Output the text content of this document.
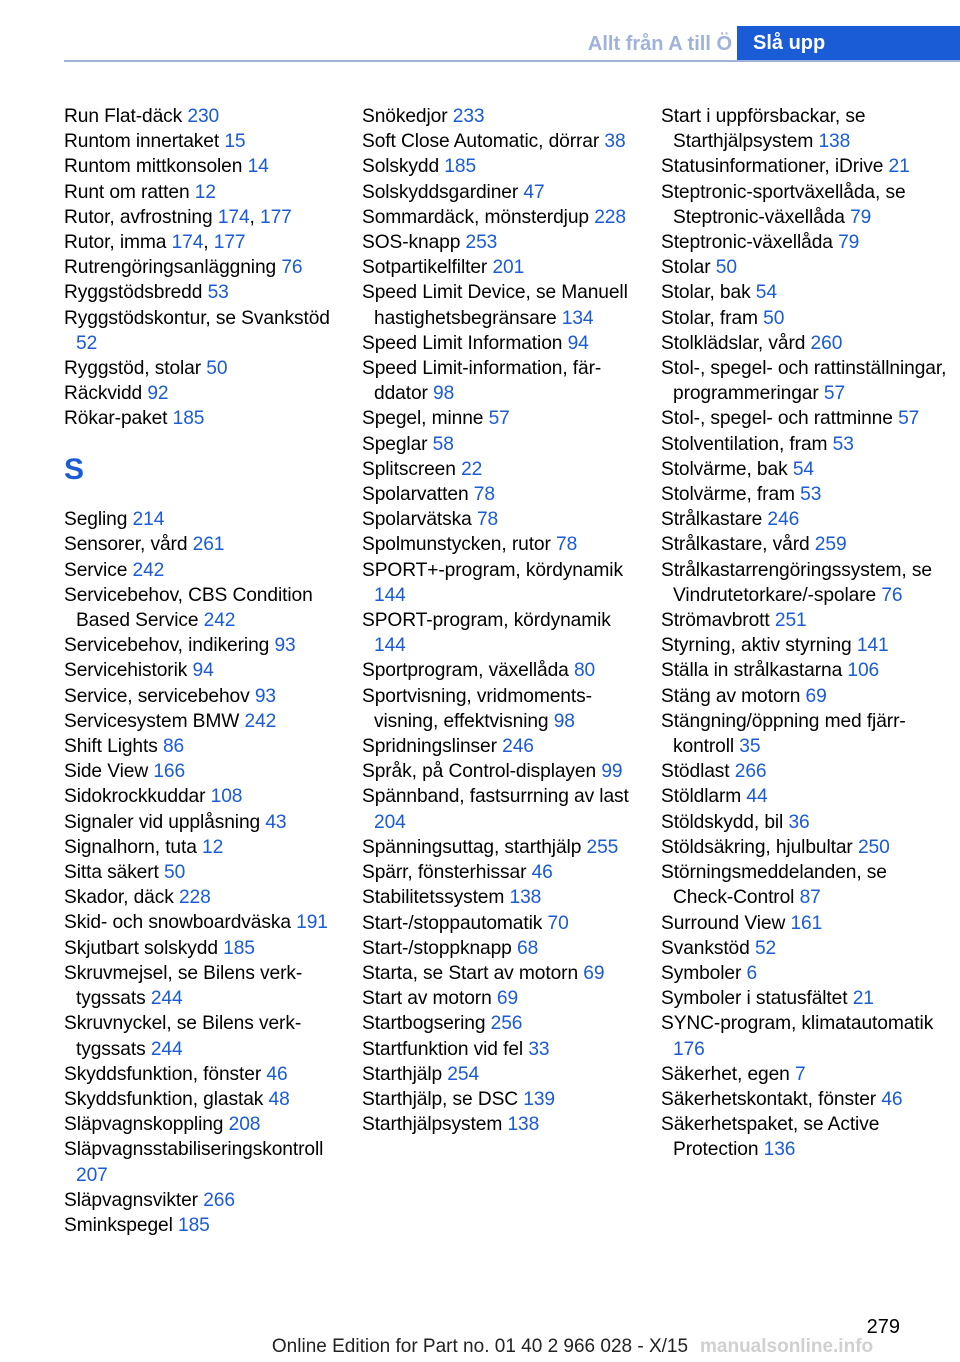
Allt från A till Ö	Slå upp
Run Flat-däck 230
Runtom innertaket 15
Runtom mittkonsolen 14
Runt om ratten 12
Rutor, avfrostning 174, 177
Rutor, imma 174, 177
Rutrengöringsanläggning 76
Ryggstödsbredd 53
Ryggstödskontur, se Svankstöd 52
Ryggstöd, stolar 50
Räckvidd 92
Rökar-paket 185
S
Segling 214
Sensorer, vård 261
Service 242
Servicebehov, CBS Condition Based Service 242
Servicebehov, indikering 93
Servicehistorik 94
Service, servicebehov 93
Servicesystem BMW 242
Shift Lights 86
Side View 166
Sidokrockkuddar 108
Signaler vid upplåsning 43
Signalhorn, tuta 12
Sitta säkert 50
Skador, däck 228
Skid- och snowboardväska 191
Skjutbart solskydd 185
Skruvmejsel, se Bilens verktygssats 244
Skruvnyckel, se Bilens verktygssats 244
Skyddsfunktion, fönster 46
Skyddsfunktion, glastak 48
Släpvagnskoppling 208
Släpvagnsstabiliseringskontroll 207
Släpvagnsvikter 266
Sminkspegel 185
Snökedjor 233
Soft Close Automatic, dörrar 38
Solskydd 185
Solskyddsgardiner 47
Sommardäck, mönsterdjup 228
SOS-knapp 253
Sotpartikelfilter 201
Speed Limit Device, se Manuell hastighetsbegränsare 134
Speed Limit Information 94
Speed Limit-information, färddator 98
Spegel, minne 57
Speglar 58
Splitscreen 22
Spolarvatten 78
Spolarvätska 78
Spolmunstycken, rutor 78
SPORT+-program, kördynamik 144
SPORT-program, kördynamik 144
Sportprogram, växellåda 80
Sportvisning, vridmomentsvisning, effektvisning 98
Spridningslinser 246
Språk, på Control-displayen 99
Spännband, fastsurrning av last 204
Spänningsuttag, starthjälp 255
Spärr, fönsterhissar 46
Stabilitetssystem 138
Start-/stoppautomatik 70
Start-/stoppknapp 68
Starta, se Start av motorn 69
Start av motorn 69
Startbogsering 256
Startfunktion vid fel 33
Starthjälp 254
Starthjälp, se DSC 139
Starthjälpsystem 138
Start i uppförsbackar, se Starthjälpsystem 138
Statusinformationer, iDrive 21
Steptronic-sportväxellåda, se Steptronic-växellåda 79
Steptronic-växellåda 79
Stolar 50
Stolar, bak 54
Stolar, fram 50
Stolklädslar, vård 260
Stol-, spegel- och rattinställningar, programmeringar 57
Stol-, spegel- och rattminne 57
Stolventilation, fram 53
Stolvärme, bak 54
Stolvärme, fram 53
Strålkastare 246
Strålkastare, vård 259
Strålkastarrengöringssystem, se Vindrutetorkare/-spolare 76
Strömavbrott 251
Styrning, aktiv styrning 141
Ställa in strålkastarna 106
Stäng av motorn 69
Stängning/öppning med fjärrkontroll 35
Stödlast 266
Stöldlarm 44
Stöldskydd, bil 36
Stöldsäkring, hjulbultar 250
Störningsmeddelanden, se Check-Control 87
Surround View 161
Svankstöd 52
Symboler 6
Symboler i statusfältet 21
SYNC-program, klimatautomatik 176
Säkerhet, egen 7
Säkerhetskontakt, fönster 46
Säkerhetspaket, se Active Protection 136
279
Online Edition for Part no. 01 40 2 966 028 - X/15 manualsonline.info
